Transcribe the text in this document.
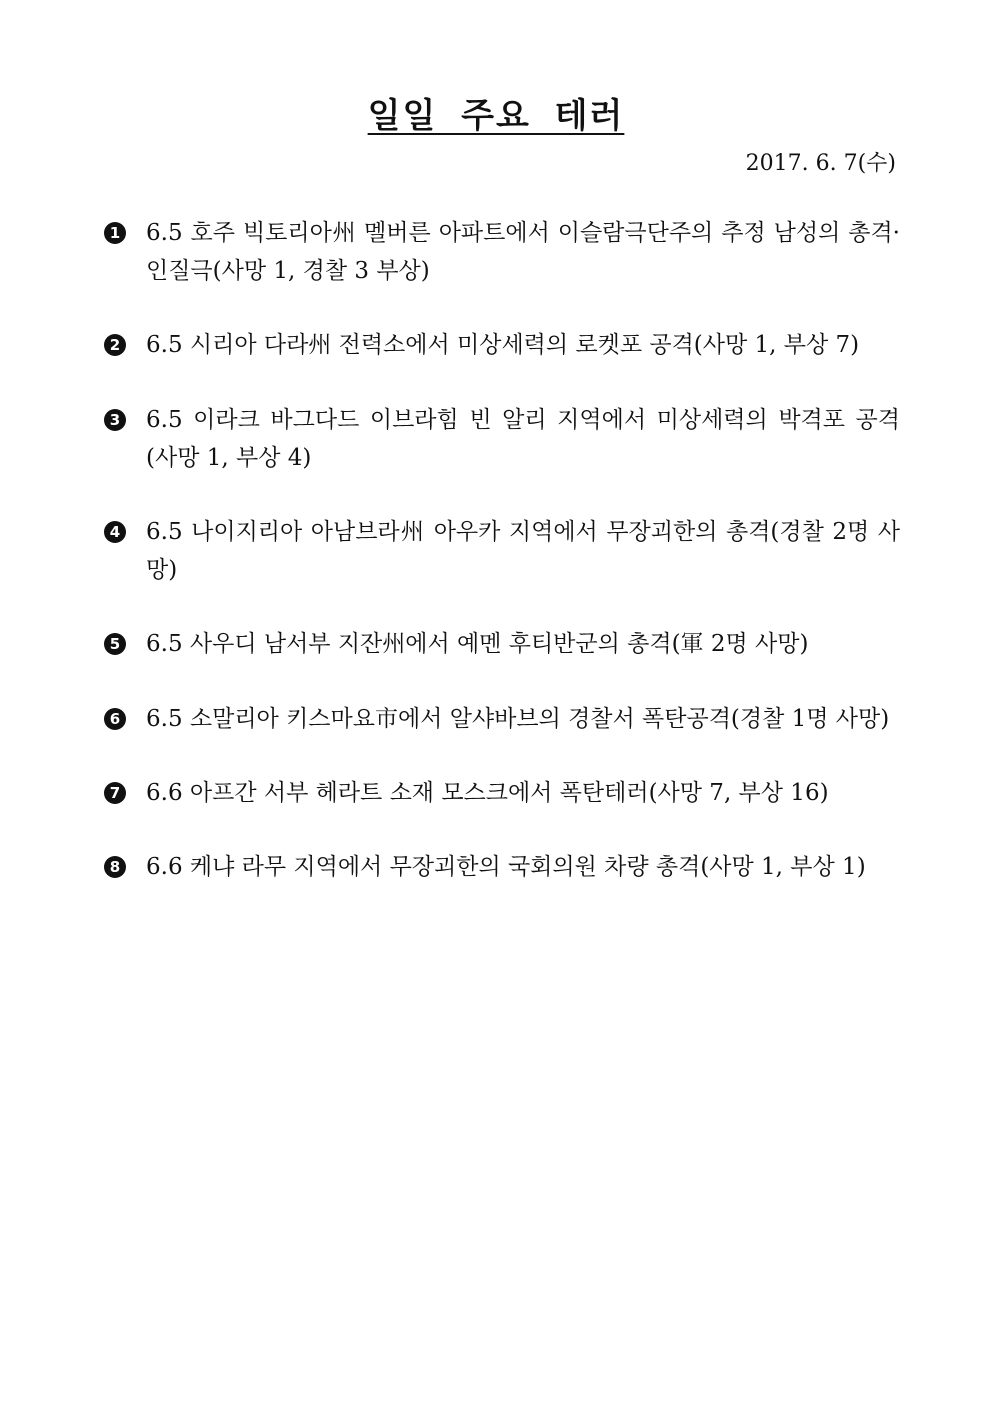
일일 주요 테러

2017. 6. 7(수)

1 6.5 호주 빅토리아州 멜버른 아파트에서 이슬람극단주의 추정 남성의 총격·인질극(사망 1, 경찰 3 부상)
2 6.5 시리아 다라州 전력소에서 미상세력의 로켓포 공격(사망 1, 부상 7)
3 6.5 이라크 바그다드 이브라힘 빈 알리 지역에서 미상세력의 박격포 공격(사망 1, 부상 4)
4 6.5 나이지리아 아남브라州 아우카 지역에서 무장괴한의 총격(경찰 2명 사망)
5 6.5 사우디 남서부 지잔州에서 예멘 후티반군의 총격(軍 2명 사망)
6 6.5 소말리아 키스마요市에서 알샤바브의 경찰서 폭탄공격(경찰 1명 사망)
7 6.6 아프간 서부 헤라트 소재 모스크에서 폭탄테러(사망 7, 부상 16)
8 6.6 케냐 라무 지역에서 무장괴한의 국회의원 차량 총격(사망 1, 부상 1)
